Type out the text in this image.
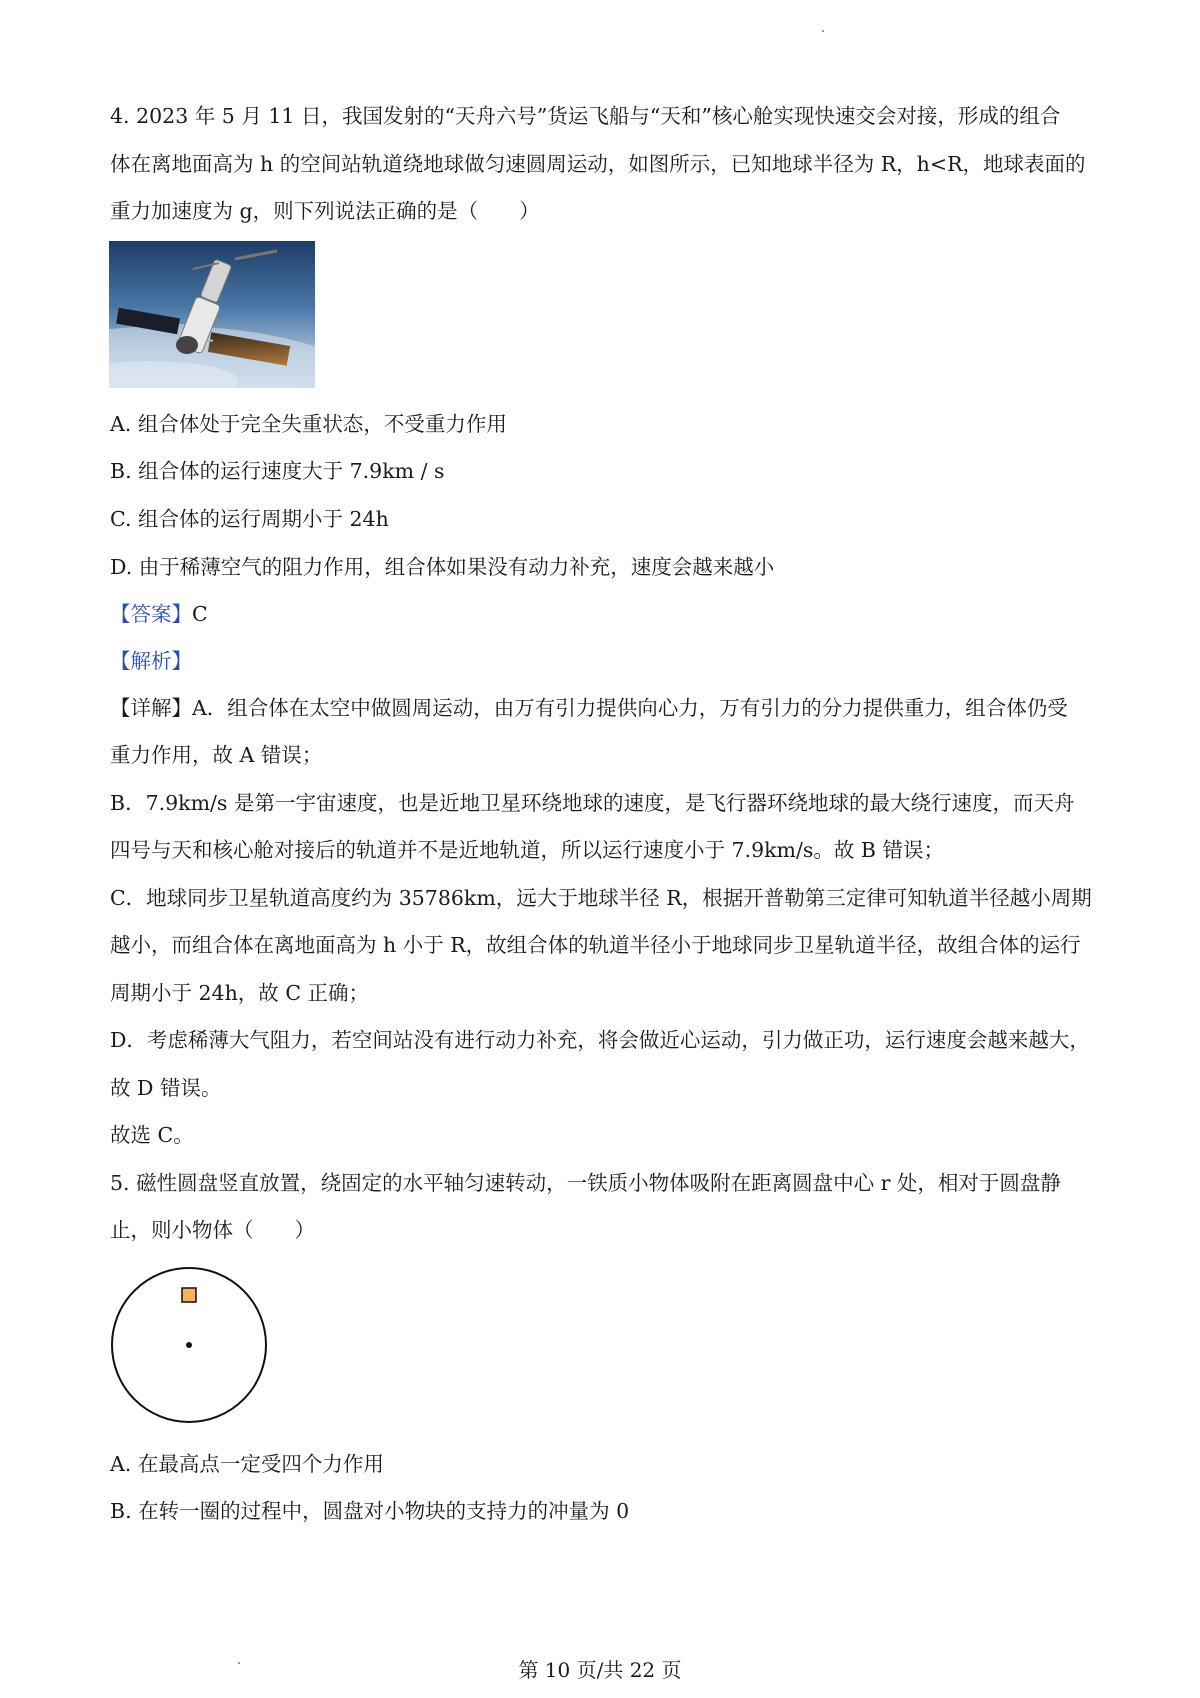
4. 2023 年 5 月 11 日，我国发射的“天舟六号”货运飞船与“天和”核心舱实现快速交会对接，形成的组合
体在离地面高为 h 的空间站轨道绕地球做匀速圆周运动，如图所示，已知地球半径为 R，h<R，地球表面的
重力加速度为 g，则下列说法正确的是（　　）
A. 组合体处于完全失重状态，不受重力作用
B. 组合体的运行速度大于 7.9km / s
C. 组合体的运行周期小于 24h
D. 由于稀薄空气的阻力作用，组合体如果没有动力补充，速度会越来越小
【答案】C
【解析】
【详解】A．组合体在太空中做圆周运动，由万有引力提供向心力，万有引力的分力提供重力，组合体仍受
重力作用，故 A 错误；
B．7.9km/s 是第一宇宙速度，也是近地卫星环绕地球的速度，是飞行器环绕地球的最大绕行速度，而天舟
四号与天和核心舱对接后的轨道并不是近地轨道，所以运行速度小于 7.9km/s。故 B 错误；
C．地球同步卫星轨道高度约为 35786km，远大于地球半径 R，根据开普勒第三定律可知轨道半径越小周期
越小，而组合体在离地面高为 h 小于 R，故组合体的轨道半径小于地球同步卫星轨道半径，故组合体的运行
周期小于 24h，故 C 正确；
D．考虑稀薄大气阻力，若空间站没有进行动力补充，将会做近心运动，引力做正功，运行速度会越来越大，
故 D 错误。
故选 C。
5. 磁性圆盘竖直放置，绕固定的水平轴匀速转动，一铁质小物体吸附在距离圆盘中心 r 处，相对于圆盘静
止，则小物体（　　）
A. 在最高点一定受四个力作用
B. 在转一圈的过程中，圆盘对小物块的支持力的冲量为 0
第 10 页/共 22 页
